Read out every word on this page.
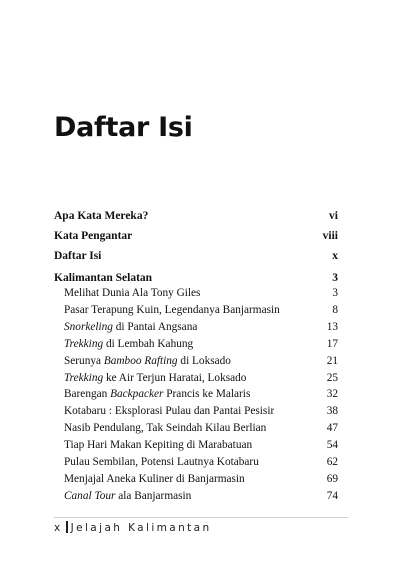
Daftar Isi
Apa Kata Mereka?	vi
Kata Pengantar	viii
Daftar Isi	x
Kalimantan Selatan	3
Melihat Dunia Ala Tony Giles	3
Pasar Terapung Kuin, Legendanya Banjarmasin	8
Snorkeling di Pantai Angsana	13
Trekking di Lembah Kahung	17
Serunya Bamboo Rafting di Loksado	21
Trekking ke Air Terjun Haratai, Loksado	25
Barengan Backpacker Prancis ke Malaris	32
Kotabaru : Eksplorasi Pulau dan Pantai Pesisir	38
Nasib Pendulang, Tak Seindah Kilau Berlian	47
Tiap Hari Makan Kepiting di Marabatuan	54
Pulau Sembilan, Potensi Lautnya Kotabaru	62
Menjajal Aneka Kuliner di Banjarmasin	69
Canal Tour ala Banjarmasin	74
x Jelajah Kalimantan
